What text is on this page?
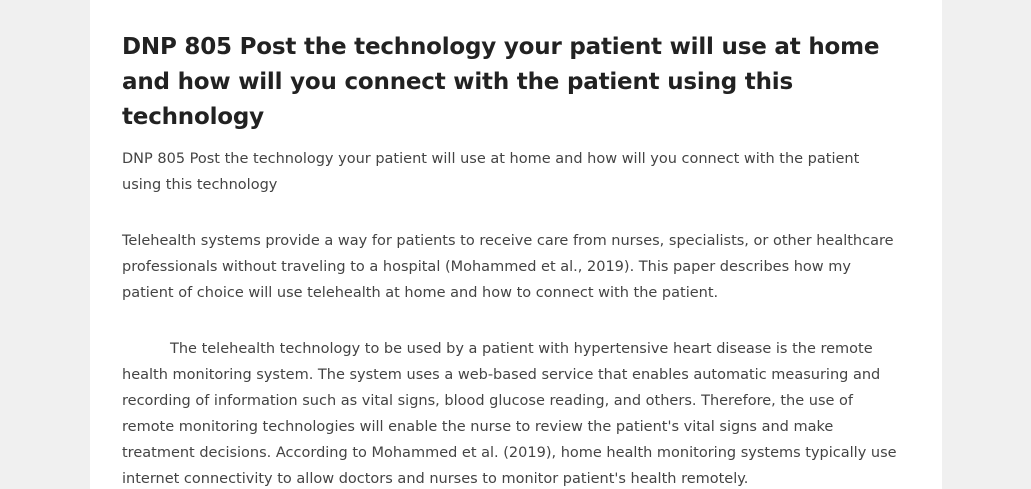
DNP 805 Post the technology your patient will use at home and how will you connect with the patient using this technology

DNP 805 Post the technology your patient will use at home and how will you connect with the patient using this technology

Telehealth systems provide a way for patients to receive care from nurses, specialists, or other healthcare professionals without traveling to a hospital (Mohammed et al., 2019). This paper describes how my patient of choice will use telehealth at home and how to connect with the patient.

The telehealth technology to be used by a patient with hypertensive heart disease is the remote health monitoring system. The system uses a web-based service that enables automatic measuring and recording of information such as vital signs, blood glucose reading, and others. Therefore, the use of remote monitoring technologies will enable the nurse to review the patient's vital signs and make treatment decisions. According to Mohammed et al. (2019), home health monitoring systems typically use internet connectivity to allow doctors and nurses to monitor patient's health remotely.
